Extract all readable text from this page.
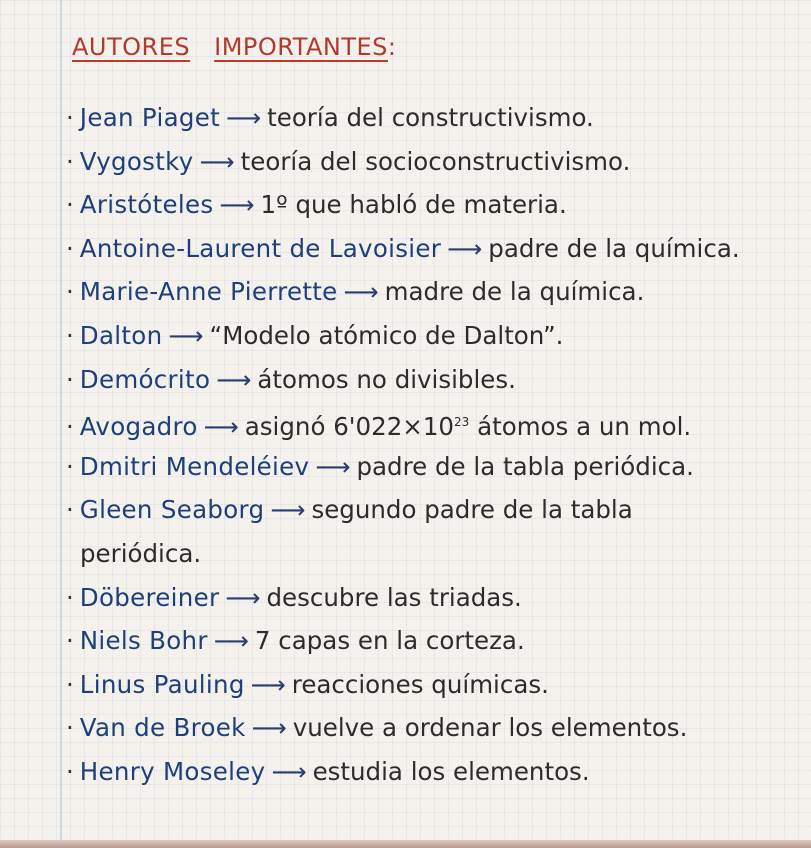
AUTORES IMPORTANTES:
· Jean Piaget ⟶ teoría del constructivismo.
· Vygostky ⟶ teoría del socioconstructivismo.
· Aristóteles ⟶ 1º que habló de materia.
· Antoine-Laurent de Lavoisier ⟶ padre de la química.
· Marie-Anne Pierrette ⟶ madre de la química.
· Dalton ⟶ “Modelo atómico de Dalton”.
· Demócrito ⟶ átomos no divisibles.
· Avogadro ⟶ asignó $6'022\times 10^{23}$ átomos a un mol.
· Dmitri Mendeléiev ⟶ padre de la tabla periódica.
· Gleen Seaborg ⟶ segundo padre de la tabla
periódica.
· Döbereiner ⟶ descubre las triadas.
· Niels Bohr ⟶ 7 capas en la corteza.
· Linus Pauling ⟶ reacciones químicas.
· Van de Broek ⟶ vuelve a ordenar los elementos.
· Henry Moseley ⟶ estudia los elementos.
